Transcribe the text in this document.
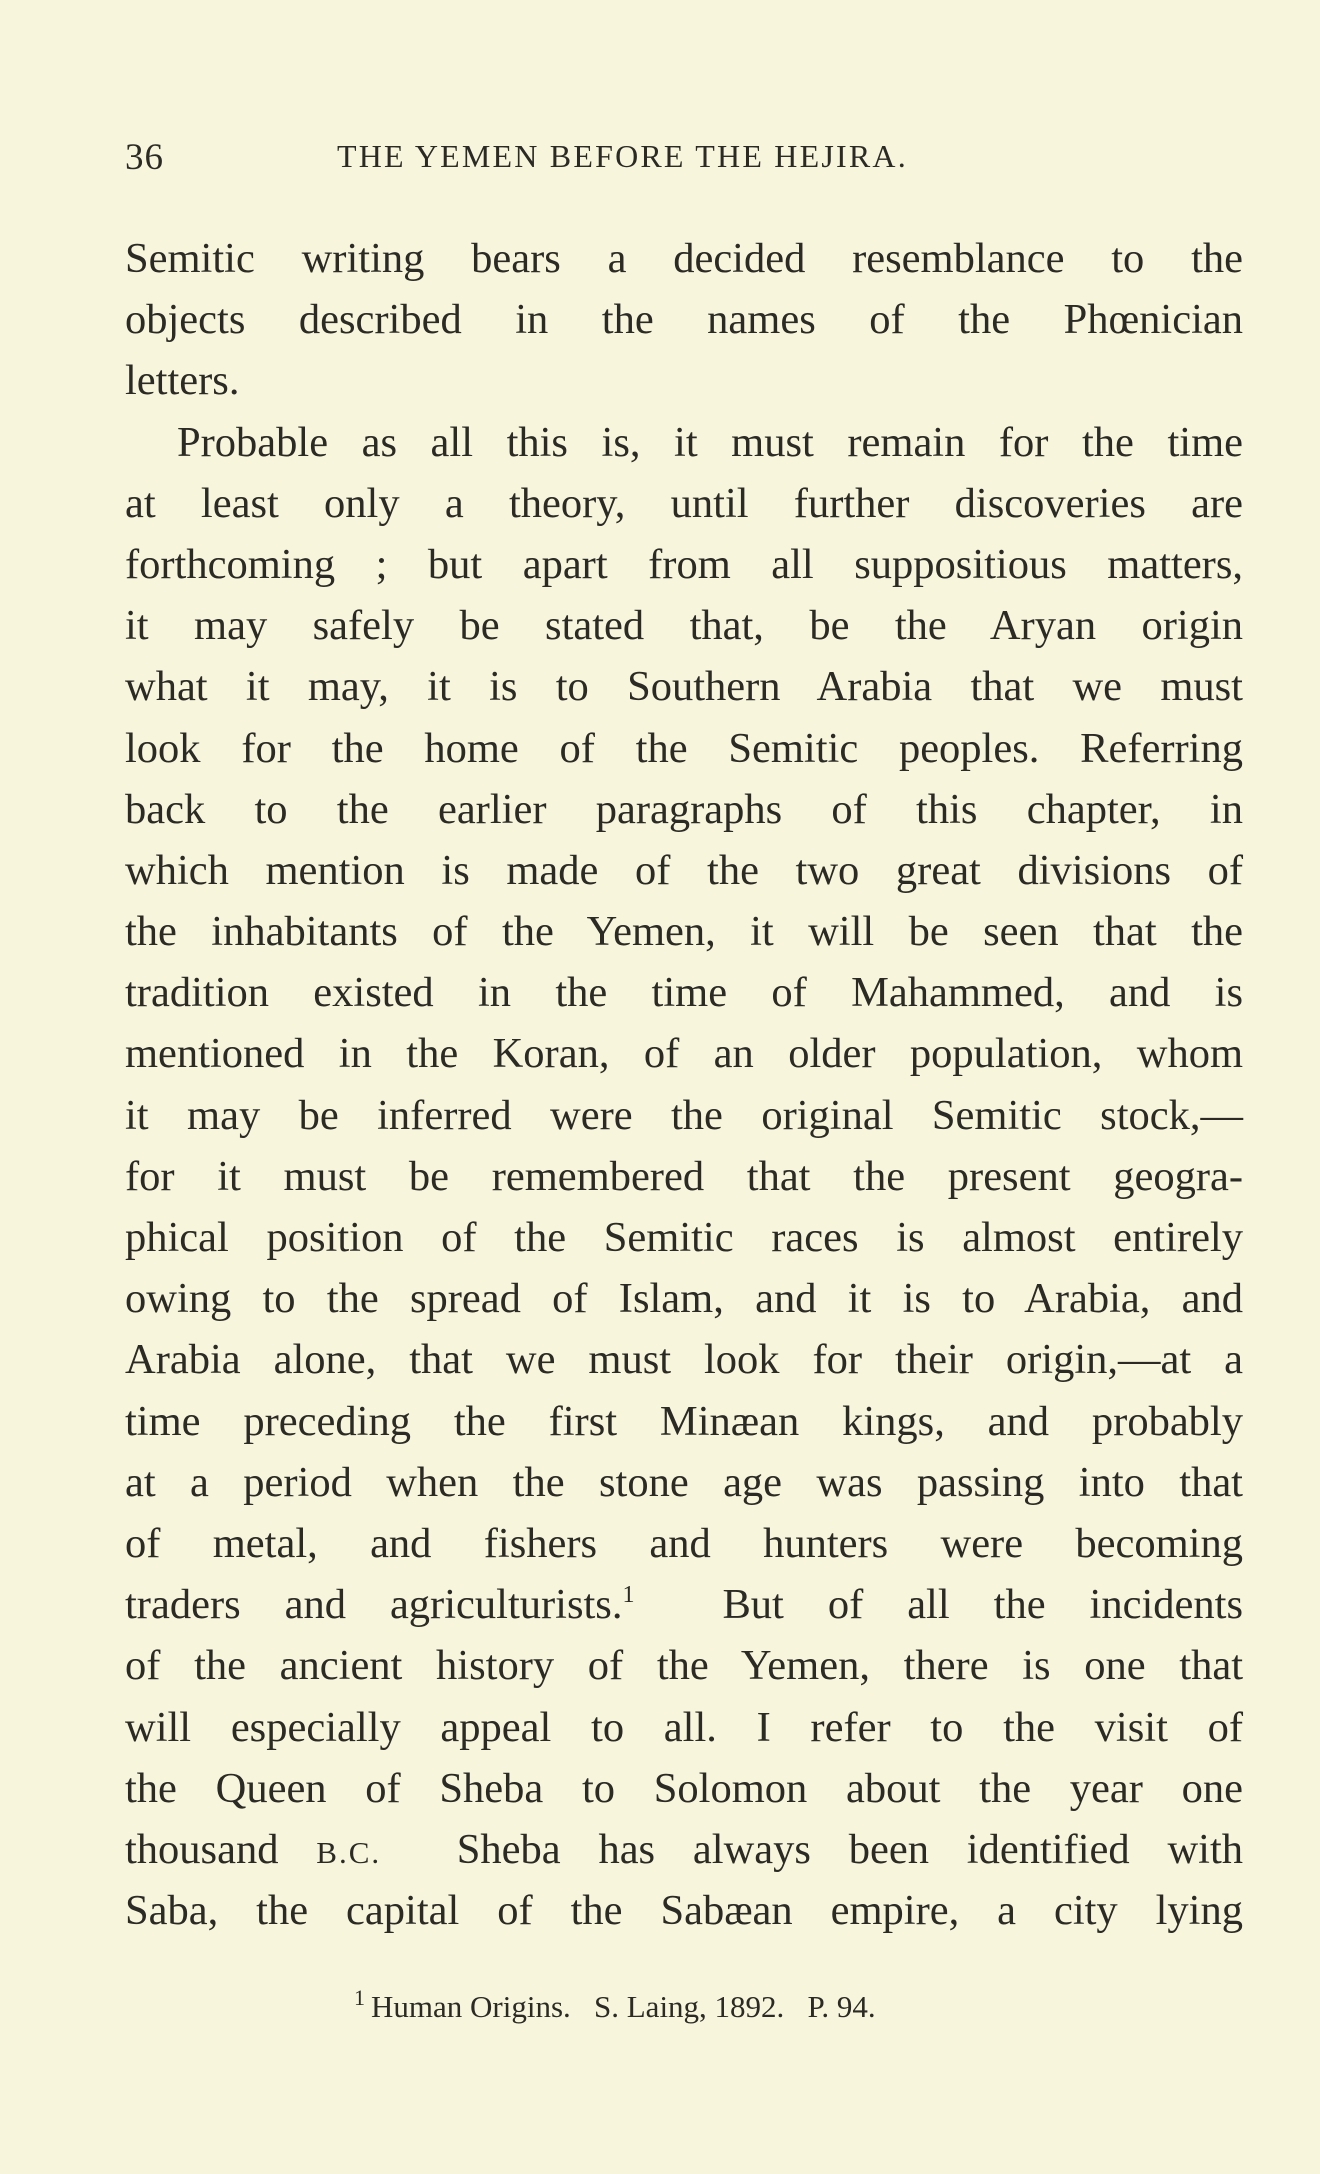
36	THE YEMEN BEFORE THE HEJIRA.
Semitic writing bears a decided resemblance to the
objects described in the names of the Phœnician
letters.
Probable as all this is, it must remain for the time
at least only a theory, until further discoveries are
forthcoming ; but apart from all suppositious matters,
it may safely be stated that, be the Aryan origin
what it may, it is to Southern Arabia that we must
look for the home of the Semitic peoples. Referring
back to the earlier paragraphs of this chapter, in
which mention is made of the two great divisions of
the inhabitants of the Yemen, it will be seen that the
tradition existed in the time of Mahammed, and is
mentioned in the Koran, of an older population, whom
it may be inferred were the original Semitic stock,—
for it must be remembered that the present geogra-
phical position of the Semitic races is almost entirely
owing to the spread of Islam, and it is to Arabia, and
Arabia alone, that we must look for their origin,—at a
time preceding the first Minæan kings, and probably
at a period when the stone age was passing into that
of metal, and fishers and hunters were becoming
traders and agriculturists.$^1$ But of all the incidents
of the ancient history of the Yemen, there is one that
will especially appeal to all. I refer to the visit of
the Queen of Sheba to Solomon about the year one
thousand B.C. Sheba has always been identified with
Saba, the capital of the Sabæan empire, a city lying
$^1$ Human Origins.   S. Laing, 1892.   P. 94.
